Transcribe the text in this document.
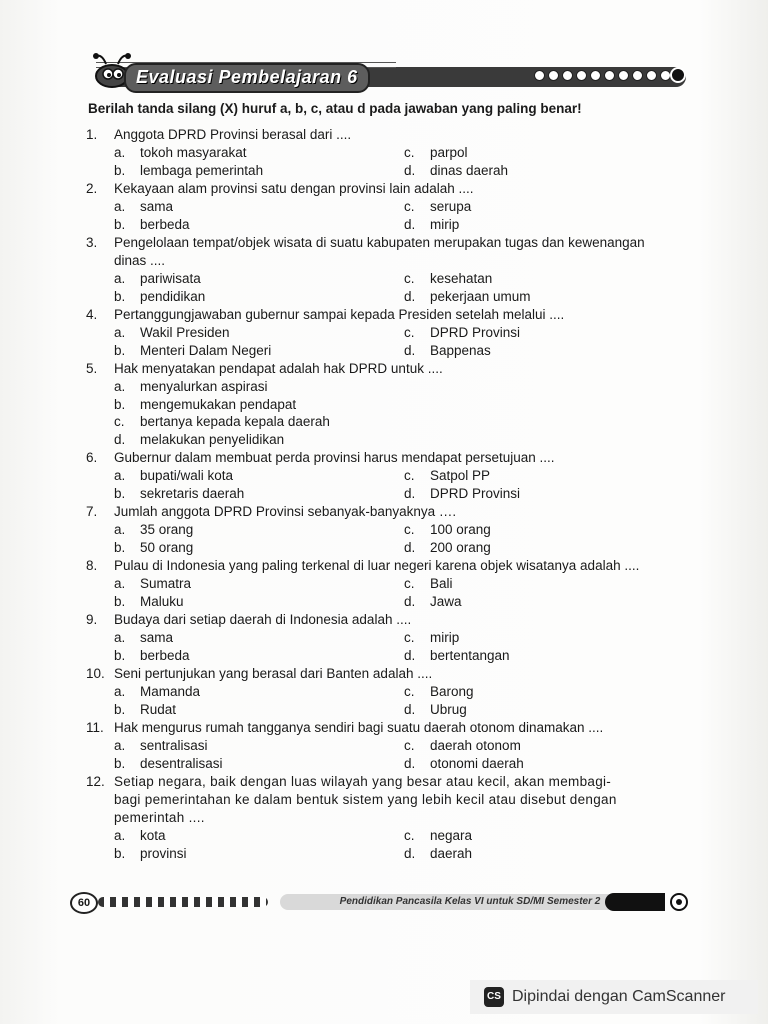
Evaluasi Pembelajaran 6
Berilah tanda silang (X) huruf a, b, c, atau d pada jawaban yang paling benar!
1.	Anggota DPRD Provinsi berasal dari ....
a.	tokoh masyarakat	c.	parpol
b.	lembaga pemerintah	d.	dinas daerah
2.	Kekayaan alam provinsi satu dengan provinsi lain adalah ....
a.	sama	c.	serupa
b.	berbeda	d.	mirip
3.	Pengelolaan tempat/objek wisata di suatu kabupaten merupakan tugas dan kewenangan
dinas ....
a.	pariwisata	c.	kesehatan
b.	pendidikan	d.	pekerjaan umum
4.	Pertanggungjawaban gubernur sampai kepada Presiden setelah melalui ....
a.	Wakil Presiden	c.	DPRD Provinsi
b.	Menteri Dalam Negeri	d.	Bappenas
5.	Hak menyatakan pendapat adalah hak DPRD untuk ....
a.	menyalurkan aspirasi
b.	mengemukakan pendapat
c.	bertanya kepada kepala daerah
d.	melakukan penyelidikan
6.	Gubernur dalam membuat perda provinsi harus mendapat persetujuan ....
a.	bupati/wali kota	c.	Satpol PP
b.	sekretaris daerah	d.	DPRD Provinsi
7.	Jumlah anggota DPRD Provinsi sebanyak-banyaknya ….
a.	35 orang	c.	100 orang
b.	50 orang	d.	200 orang
8.	Pulau di Indonesia yang paling terkenal di luar negeri karena objek wisatanya adalah ....
a.	Sumatra	c.	Bali
b.	Maluku	d.	Jawa
9.	Budaya dari setiap daerah di Indonesia adalah ....
a.	sama	c.	mirip
b.	berbeda	d.	bertentangan
10. Seni pertunjukan yang berasal dari Banten adalah ....
a.	Mamanda	c.	Barong
b.	Rudat	d.	Ubrug
11. Hak mengurus rumah tangganya sendiri bagi suatu daerah otonom dinamakan ....
a.	sentralisasi	c.	daerah otonom
b.	desentralisasi	d.	otonomi daerah
12. Setiap negara, baik dengan luas wilayah yang besar atau kecil, akan membagi-
bagi pemerintahan ke dalam bentuk sistem yang lebih kecil atau disebut dengan
pemerintah ....
a.	kota	c.	negara
b.	provinsi	d.	daerah
60	Pendidikan Pancasila Kelas VI untuk SD/MI Semester 2
CS Dipindai dengan CamScanner
